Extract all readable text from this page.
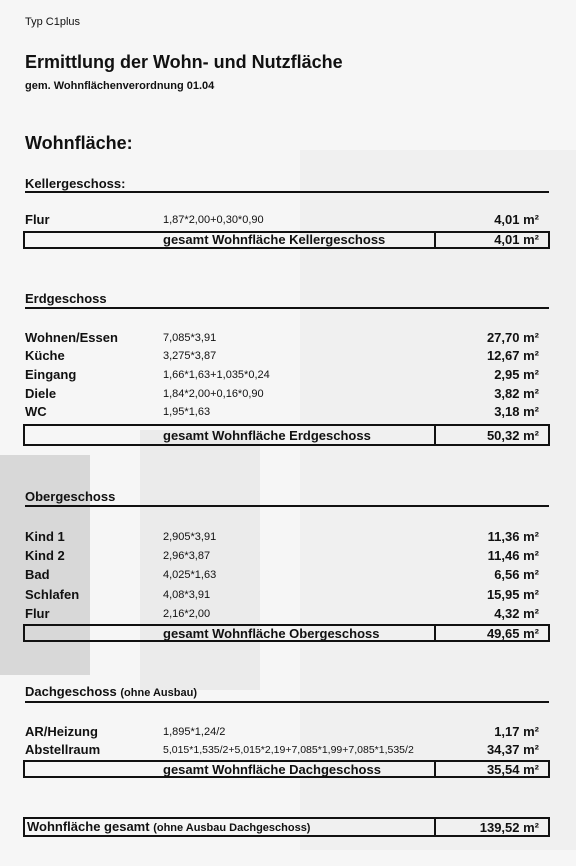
Typ C1plus
Ermittlung der Wohn- und Nutzfläche
gem. Wohnflächenverordnung 01.04
Wohnfläche:
Kellergeschoss:
Flur	1,87*2,00+0,30*0,90	4,01 m²
gesamt Wohnfläche Kellergeschoss	4,01 m²
Erdgeschoss
Wohnen/Essen	7,085*3,91	27,70 m²
Küche	3,275*3,87	12,67 m²
Eingang	1,66*1,63+1,035*0,24	2,95 m²
Diele	1,84*2,00+0,16*0,90	3,82 m²
WC	1,95*1,63	3,18 m²
gesamt Wohnfläche Erdgeschoss	50,32 m²
Obergeschoss
Kind 1	2,905*3,91	11,36 m²
Kind 2	2,96*3,87	11,46 m²
Bad	4,025*1,63	6,56 m²
Schlafen	4,08*3,91	15,95 m²
Flur	2,16*2,00	4,32 m²
gesamt Wohnfläche Obergeschoss	49,65 m²
Dachgeschoss (ohne Ausbau)
AR/Heizung	1,895*1,24/2	1,17 m²
Abstellraum	5,015*1,535/2+5,015*2,19+7,085*1,99+7,085*1,535/2	34,37 m²
gesamt Wohnfläche Dachgeschoss	35,54 m²
Wohnfläche gesamt (ohne Ausbau Dachgeschoss)	139,52 m²
